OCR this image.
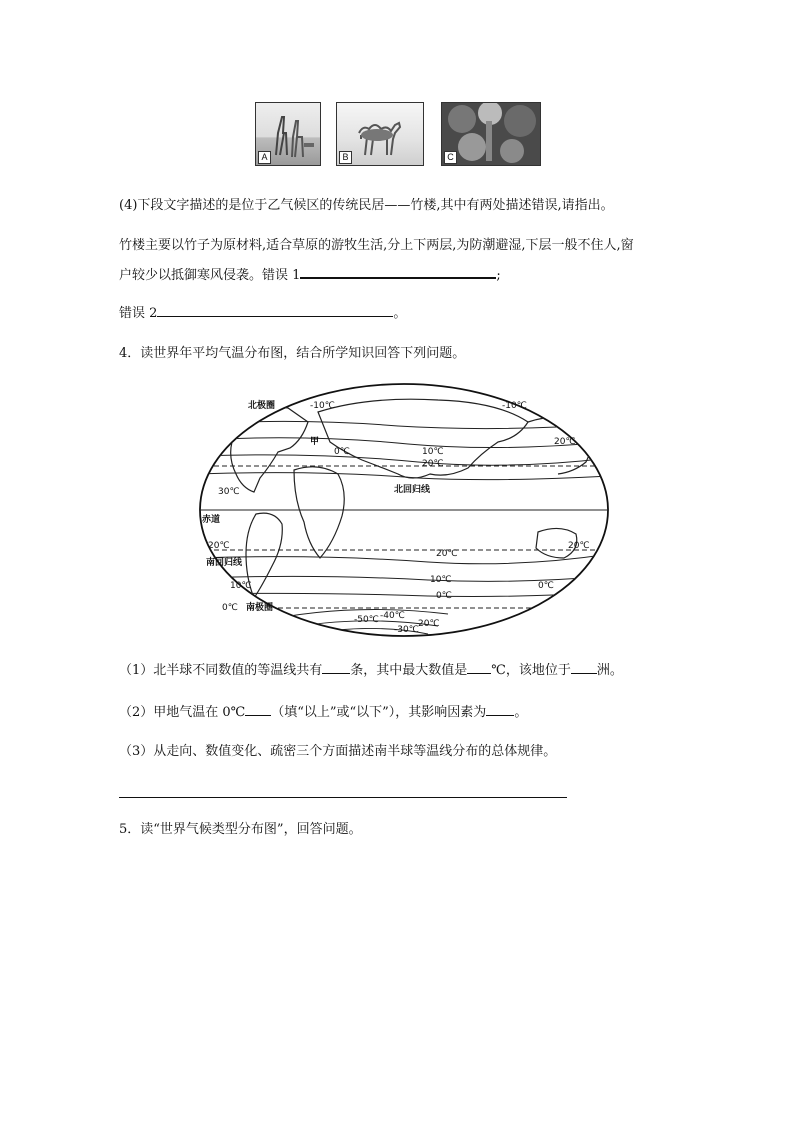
A	B	C
(4)下段文字描述的是位于乙气候区的传统民居——竹楼,其中有两处描述错误,请指出。
竹楼主要以竹子为原材料,适合草原的游牧生活,分上下两层,为防潮避湿,下层一般不住人,窗
户较少以抵御寒风侵袭。错误 1	;
错误 2	。
4．读世界年平均气温分布图，结合所学知识回答下列问题。
北极圈	-10℃	-10℃
甲
0℃	10℃
20℃
20℃
30℃	北回归线
赤道
20℃
南回归线
20℃
20℃
10℃
10℃
0℃
0℃
0℃
南极圈
-50℃ -40℃
-30℃
20℃
（1）北半球不同数值的等温线共有 条，其中最大数值是 ℃，该地位于 洲。
（2）甲地气温在 0℃ （填“以上”或“以下”），其影响因素为 。
（3）从走向、数值变化、疏密三个方面描述南半球等温线分布的总体规律。
5．读“世界气候类型分布图”，回答问题。
